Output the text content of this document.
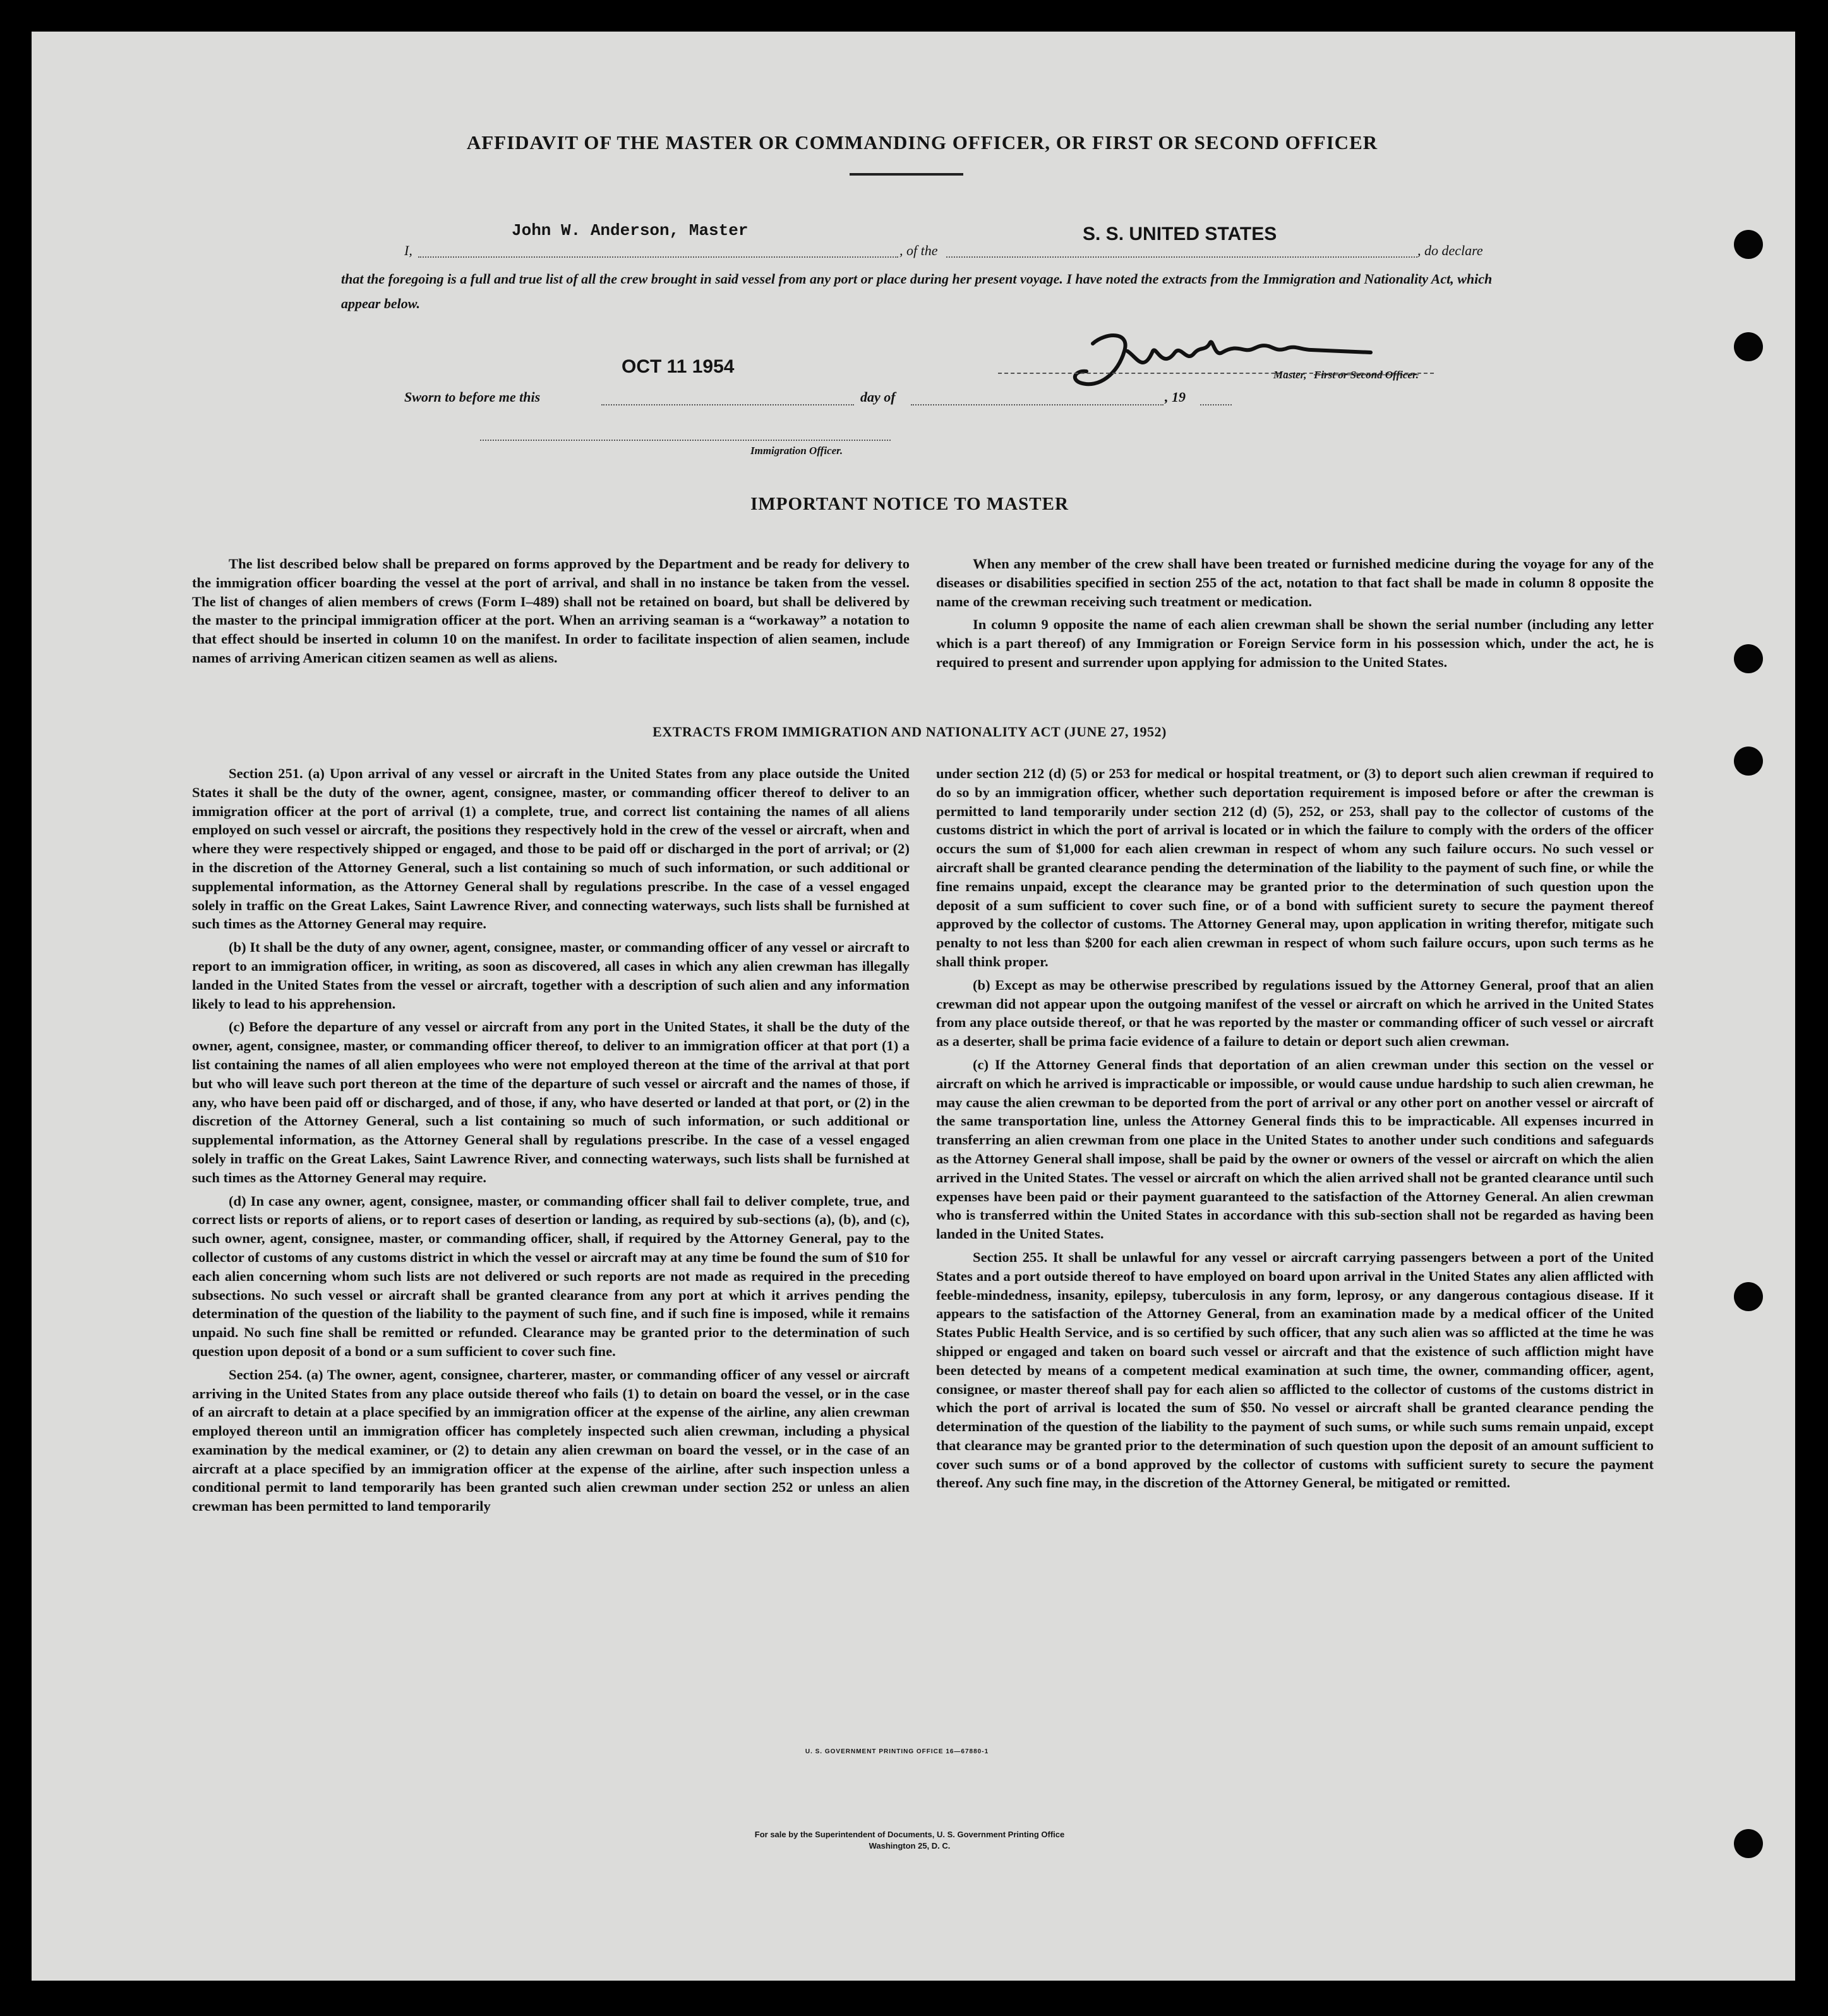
AFFIDAVIT OF THE MASTER OR COMMANDING OFFICER, OR FIRST OR SECOND OFFICER
John W. Anderson, Master	S. S. UNITED STATES
I,	, of the	, do declare
that the foregoing is a full and true list of all the crew brought in said vessel from any port or place during her present voyage. I have noted the extracts from the Immigration and Nationality Act, which appear below.
OCT 11 1954	Master, First or Second Officer.
Sworn to before me this	day of	, 19
Immigration Officer.
IMPORTANT NOTICE TO MASTER

The list described below shall be prepared on forms approved by the Department and be ready for delivery to the immigration officer boarding the vessel at the port of arrival, and shall in no instance be taken from the vessel. The list of changes of alien members of crews (Form I–489) shall not be retained on board, but shall be delivered by the master to the principal immigration officer at the port. When an arriving seaman is a “workaway” a notation to that effect should be inserted in column 10 on the manifest. In order to facilitate inspection of alien seamen, include names of arriving American citizen seamen as well as aliens.

When any member of the crew shall have been treated or furnished medicine during the voyage for any of the diseases or disabilities specified in section 255 of the act, notation to that fact shall be made in column 8 opposite the name of the crewman receiving such treatment or medication.

In column 9 opposite the name of each alien crewman shall be shown the serial number (including any letter which is a part thereof) of any Immigration or Foreign Service form in his possession which, under the act, he is required to present and surrender upon applying for admission to the United States.

EXTRACTS FROM IMMIGRATION AND NATIONALITY ACT (JUNE 27, 1952)

Section 251. (a) Upon arrival of any vessel or aircraft in the United States from any place outside the United States it shall be the duty of the owner, agent, consignee, master, or commanding officer thereof to deliver to an immigration officer at the port of arrival (1) a complete, true, and correct list containing the names of all aliens employed on such vessel or aircraft, the positions they respectively hold in the crew of the vessel or aircraft, when and where they were respectively shipped or engaged, and those to be paid off or discharged in the port of arrival; or (2) in the discretion of the Attorney General, such a list containing so much of such information, or such additional or supplemental information, as the Attorney General shall by regulations prescribe. In the case of a vessel engaged solely in traffic on the Great Lakes, Saint Lawrence River, and connecting waterways, such lists shall be furnished at such times as the Attorney General may require.

(b) It shall be the duty of any owner, agent, consignee, master, or commanding officer of any vessel or aircraft to report to an immigration officer, in writing, as soon as discovered, all cases in which any alien crewman has illegally landed in the United States from the vessel or aircraft, together with a description of such alien and any information likely to lead to his apprehension.

(c) Before the departure of any vessel or aircraft from any port in the United States, it shall be the duty of the owner, agent, consignee, master, or commanding officer thereof, to deliver to an immigration officer at that port (1) a list containing the names of all alien employees who were not employed thereon at the time of the arrival at that port but who will leave such port thereon at the time of the departure of such vessel or aircraft and the names of those, if any, who have been paid off or discharged, and of those, if any, who have deserted or landed at that port, or (2) in the discretion of the Attorney General, such a list containing so much of such information, or such additional or supplemental information, as the Attorney General shall by regulations prescribe. In the case of a vessel engaged solely in traffic on the Great Lakes, Saint Lawrence River, and connecting waterways, such lists shall be furnished at such times as the Attorney General may require.

(d) In case any owner, agent, consignee, master, or commanding officer shall fail to deliver complete, true, and correct lists or reports of aliens, or to report cases of desertion or landing, as required by sub-sections (a), (b), and (c), such owner, agent, consignee, master, or commanding officer, shall, if required by the Attorney General, pay to the collector of customs of any customs district in which the vessel or aircraft may at any time be found the sum of $10 for each alien concerning whom such lists are not delivered or such reports are not made as required in the preceding subsections. No such vessel or aircraft shall be granted clearance from any port at which it arrives pending the determination of the question of the liability to the payment of such fine, and if such fine is imposed, while it remains unpaid. No such fine shall be remitted or refunded. Clearance may be granted prior to the determination of such question upon deposit of a bond or a sum sufficient to cover such fine.

Section 254. (a) The owner, agent, consignee, charterer, master, or commanding officer of any vessel or aircraft arriving in the United States from any place outside thereof who fails (1) to detain on board the vessel, or in the case of an aircraft to detain at a place specified by an immigration officer at the expense of the airline, any alien crewman employed thereon until an immigration officer has completely inspected such alien crewman, including a physical examination by the medical examiner, or (2) to detain any alien crewman on board the vessel, or in the case of an aircraft at a place specified by an immigration officer at the expense of the airline, after such inspection unless a conditional permit to land temporarily has been granted such alien crewman under section 252 or unless an alien crewman has been permitted to land temporarily

under section 212 (d) (5) or 253 for medical or hospital treatment, or (3) to deport such alien crewman if required to do so by an immigration officer, whether such deportation requirement is imposed before or after the crewman is permitted to land temporarily under section 212 (d) (5), 252, or 253, shall pay to the collector of customs of the customs district in which the port of arrival is located or in which the failure to comply with the orders of the officer occurs the sum of $1,000 for each alien crewman in respect of whom any such failure occurs. No such vessel or aircraft shall be granted clearance pending the determination of the liability to the payment of such fine, or while the fine remains unpaid, except the clearance may be granted prior to the determination of such question upon the deposit of a sum sufficient to cover such fine, or of a bond with sufficient surety to secure the payment thereof approved by the collector of customs. The Attorney General may, upon application in writing therefor, mitigate such penalty to not less than $200 for each alien crewman in respect of whom such failure occurs, upon such terms as he shall think proper.

(b) Except as may be otherwise prescribed by regulations issued by the Attorney General, proof that an alien crewman did not appear upon the outgoing manifest of the vessel or aircraft on which he arrived in the United States from any place outside thereof, or that he was reported by the master or commanding officer of such vessel or aircraft as a deserter, shall be prima facie evidence of a failure to detain or deport such alien crewman.

(c) If the Attorney General finds that deportation of an alien crewman under this section on the vessel or aircraft on which he arrived is impracticable or impossible, or would cause undue hardship to such alien crewman, he may cause the alien crewman to be deported from the port of arrival or any other port on another vessel or aircraft of the same transportation line, unless the Attorney General finds this to be impracticable. All expenses incurred in transferring an alien crewman from one place in the United States to another under such conditions and safeguards as the Attorney General shall impose, shall be paid by the owner or owners of the vessel or aircraft on which the alien arrived in the United States. The vessel or aircraft on which the alien arrived shall not be granted clearance until such expenses have been paid or their payment guaranteed to the satisfaction of the Attorney General. An alien crewman who is transferred within the United States in accordance with this sub-section shall not be regarded as having been landed in the United States.

Section 255. It shall be unlawful for any vessel or aircraft carrying passengers between a port of the United States and a port outside thereof to have employed on board upon arrival in the United States any alien afflicted with feeble-mindedness, insanity, epilepsy, tuberculosis in any form, leprosy, or any dangerous contagious disease. If it appears to the satisfaction of the Attorney General, from an examination made by a medical officer of the United States Public Health Service, and is so certified by such officer, that any such alien was so afflicted at the time he was shipped or engaged and taken on board such vessel or aircraft and that the existence of such affliction might have been detected by means of a competent medical examination at such time, the owner, commanding officer, agent, consignee, or master thereof shall pay for each alien so afflicted to the collector of customs of the customs district in which the port of arrival is located the sum of $50. No vessel or aircraft shall be granted clearance pending the determination of the question of the liability to the payment of such sums, or while such sums remain unpaid, except that clearance may be granted prior to the determination of such question upon the deposit of an amount sufficient to cover such sums or of a bond approved by the collector of customs with sufficient surety to secure the payment thereof. Any such fine may, in the discretion of the Attorney General, be mitigated or remitted.

U. S. GOVERNMENT PRINTING OFFICE 16—67880-1
For sale by the Superintendent of Documents, U. S. Government Printing Office
Washington 25, D. C.
